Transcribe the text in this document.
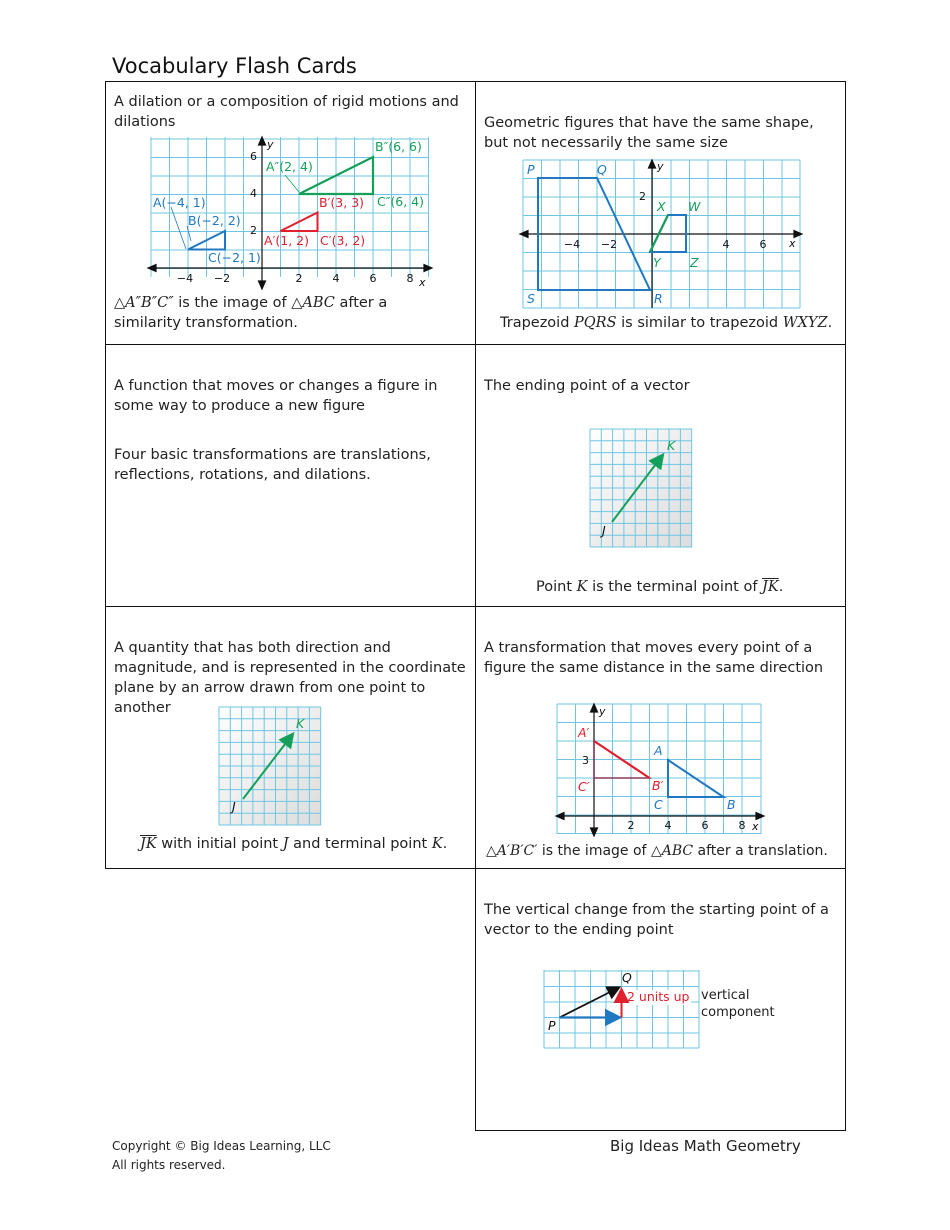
Vocabulary Flash Cards
A dilation or a composition of rigid motions and dilations
y
x
−4 −2	2	4	6	8
2
4
6
A(−4, 1)
B(−2, 2)
C(−2, 1)
A′(1, 2)
B′(3, 3)
C′(3, 2)
A″(2, 4)
B″(6, 6)
C″(6, 4)
△A″B″C″ is the image of △ABC after a
similarity transformation.
Geometric figures that have the same shape, but not necessarily the same size
y
x
−4 −2	4	6
2
P	Q
R
S
W
X
Y Z
Trapezoid PQRS is similar to trapezoid WXYZ.
A function that moves or changes a figure in some way to produce a new figure
Four basic transformations are translations, reflections, rotations, and dilations.
The ending point of a vector
J
K
Point K is the terminal point of $\overline{JK}$.
A quantity that has both direction and magnitude, and is represented in the coordinate plane by an arrow drawn from one point to another
J
K
$\overline{JK}$ with initial point J and terminal point K.
A transformation that moves every point of a figure the same distance in the same direction
y
x
2	4	6	8
3
A′
B′
C′
A
B
C
△A′B′C′ is the image of △ABC after a translation.
The vertical change from the starting point of a vector to the ending point
P
Q
2 units up vertical
component
Copyright © Big Ideas Learning, LLC
All rights reserved.
Big Ideas Math Geometry
